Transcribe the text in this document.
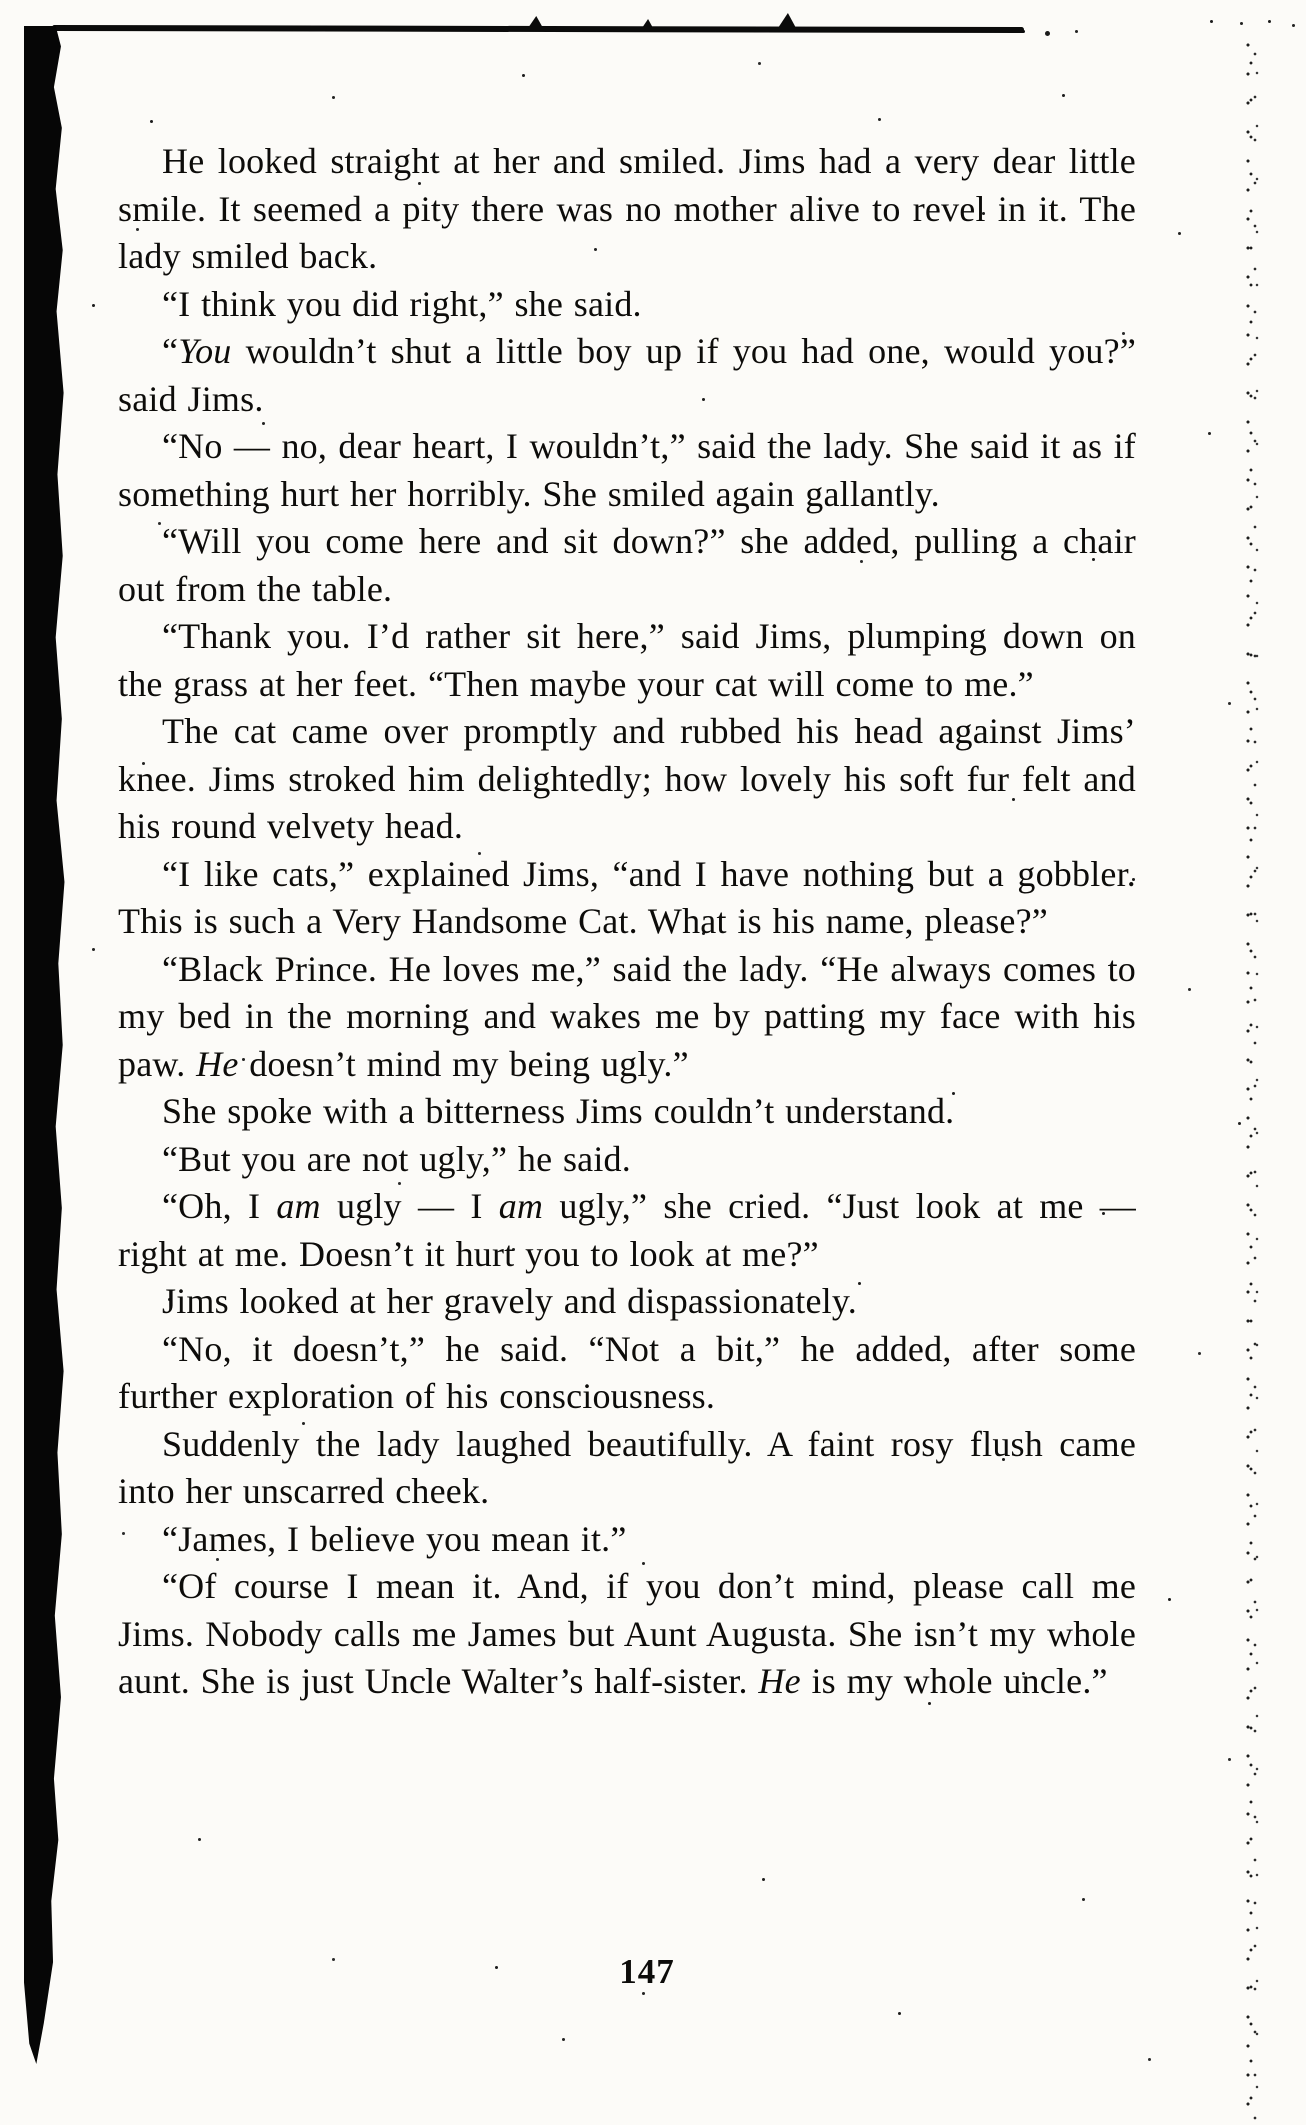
He looked straight at her and smiled. Jims had a very dear little smile. It seemed a pity there was no mother alive to revel in it. The lady smiled back.

“I think you did right,” she said.

“You wouldn’t shut a little boy up if you had one, would you?” said Jims.

“No — no, dear heart, I wouldn’t,” said the lady. She said it as if something hurt her horribly. She smiled again gallantly.

“Will you come here and sit down?” she added, pulling a chair out from the table.

“Thank you. I’d rather sit here,” said Jims, plumping down on the grass at her feet. “Then maybe your cat will come to me.”

The cat came over promptly and rubbed his head against Jims’ knee. Jims stroked him delightedly; how lovely his soft fur felt and his round velvety head.

“I like cats,” explained Jims, “and I have nothing but a gobbler. This is such a Very Handsome Cat. What is his name, please?”

“Black Prince. He loves me,” said the lady. “He always comes to my bed in the morning and wakes me by patting my face with his paw. He doesn’t mind my being ugly.”

She spoke with a bitterness Jims couldn’t understand.

“But you are not ugly,” he said.

“Oh, I am ugly — I am ugly,” she cried. “Just look at me — right at me. Doesn’t it hurt you to look at me?”

Jims looked at her gravely and dispassionately.

“No, it doesn’t,” he said. “Not a bit,” he added, after some further exploration of his consciousness.

Suddenly the lady laughed beautifully. A faint rosy flush came into her unscarred cheek.

“James, I believe you mean it.”

“Of course I mean it. And, if you don’t mind, please call me Jims. Nobody calls me James but Aunt Augusta. She isn’t my whole aunt. She is just Uncle Walter’s half-sister. He is my whole uncle.”

147
